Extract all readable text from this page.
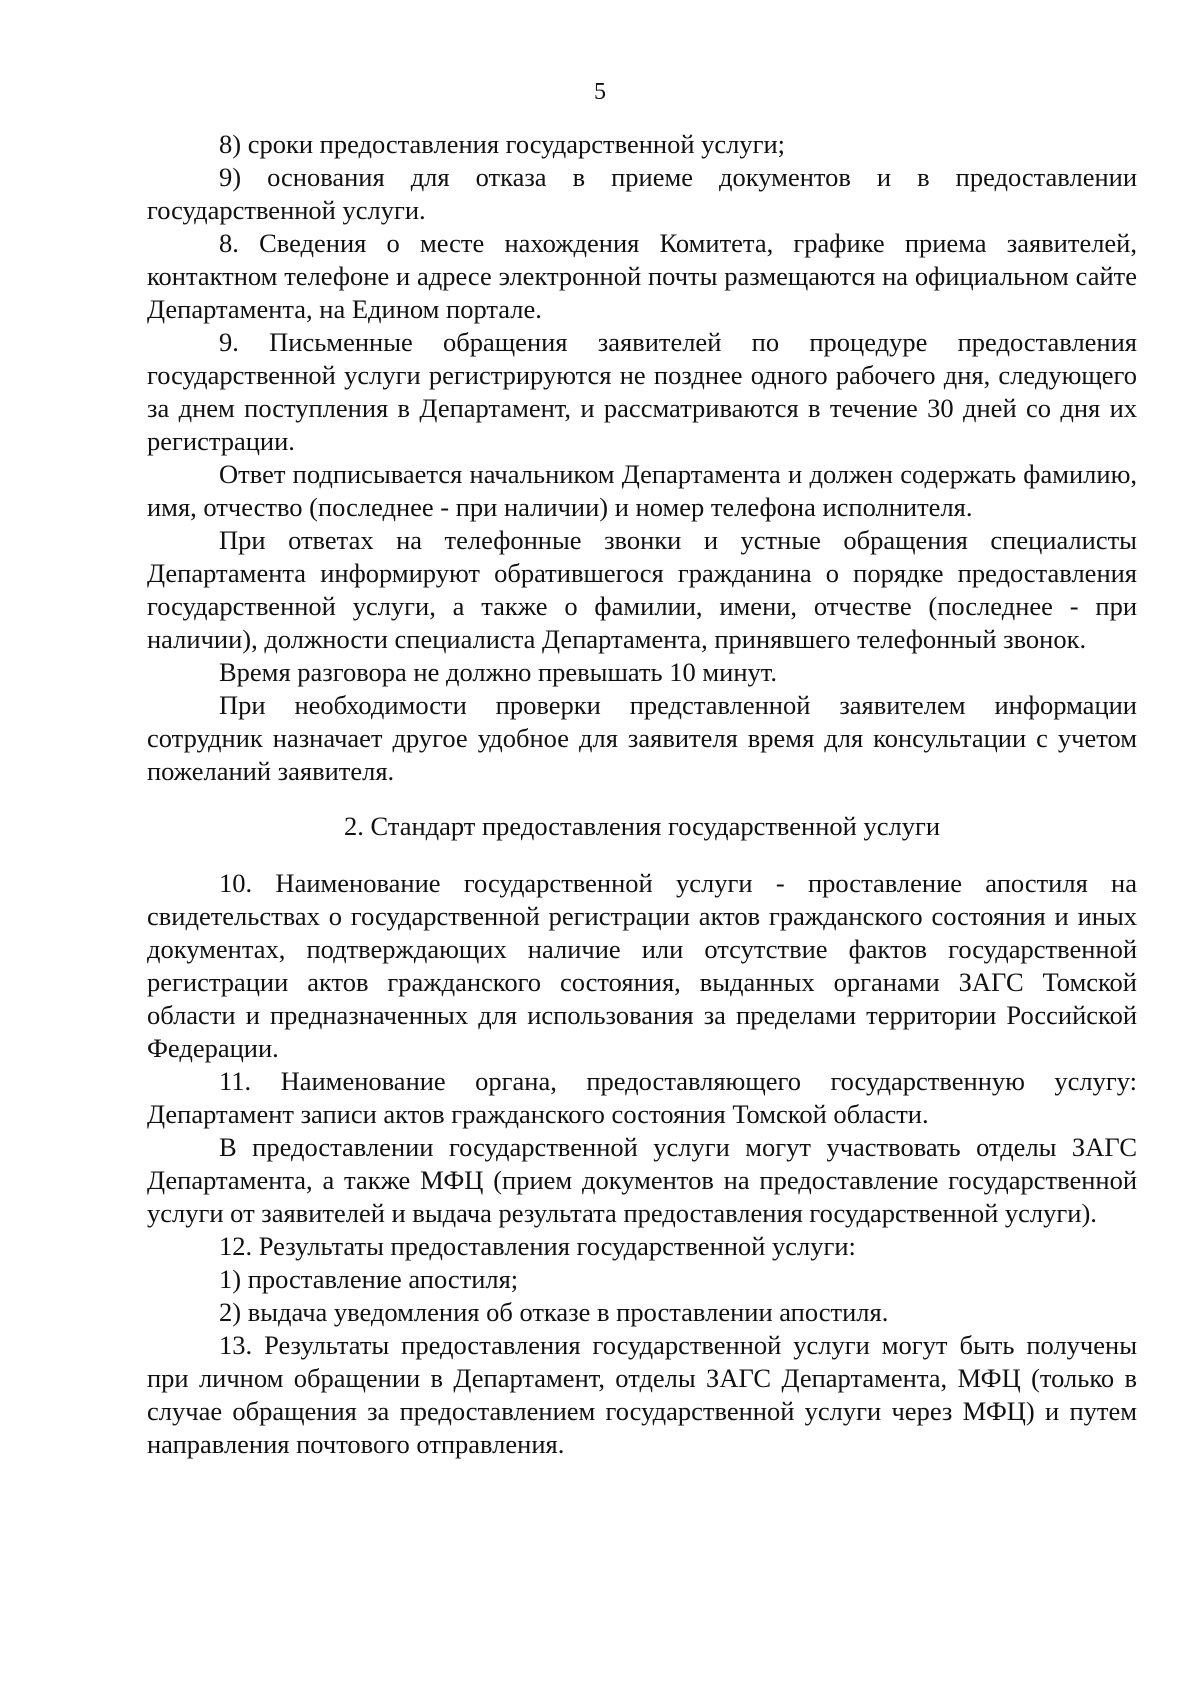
5

8) сроки предоставления государственной услуги;

9) основания для отказа в приеме документов и в предоставлении государственной услуги.

8. Сведения о месте нахождения Комитета, графике приема заявителей, контактном телефоне и адресе электронной почты размещаются на официальном сайте Департамента, на Едином портале.

9. Письменные обращения заявителей по процедуре предоставления государственной услуги регистрируются не позднее одного рабочего дня, следующего за днем поступления в Департамент, и рассматриваются в течение 30 дней со дня их регистрации.

Ответ подписывается начальником Департамента и должен содержать фамилию, имя, отчество (последнее - при наличии) и номер телефона исполнителя.

При ответах на телефонные звонки и устные обращения специалисты Департамента информируют обратившегося гражданина о порядке предоставления государственной услуги, а также о фамилии, имени, отчестве (последнее - при наличии), должности специалиста Департамента, принявшего телефонный звонок.

Время разговора не должно превышать 10 минут.

При необходимости проверки представленной заявителем информации сотрудник назначает другое удобное для заявителя время для консультации с учетом пожеланий заявителя.

2. Стандарт предоставления государственной услуги

10. Наименование государственной услуги - проставление апостиля на свидетельствах о государственной регистрации актов гражданского состояния и иных документах, подтверждающих наличие или отсутствие фактов государственной регистрации актов гражданского состояния, выданных органами ЗАГС Томской области и предназначенных для использования за пределами территории Российской Федерации.

11. Наименование органа, предоставляющего государственную услугу: Департамент записи актов гражданского состояния Томской области.

В предоставлении государственной услуги могут участвовать отделы ЗАГС Департамента, а также МФЦ (прием документов на предоставление государственной услуги от заявителей и выдача результата предоставления государственной услуги).

12. Результаты предоставления государственной услуги:

1) проставление апостиля;

2) выдача уведомления об отказе в проставлении апостиля.

13. Результаты предоставления государственной услуги могут быть получены при личном обращении в Департамент, отделы ЗАГС Департамента, МФЦ (только в случае обращения за предоставлением государственной услуги через МФЦ) и путем направления почтового отправления.
